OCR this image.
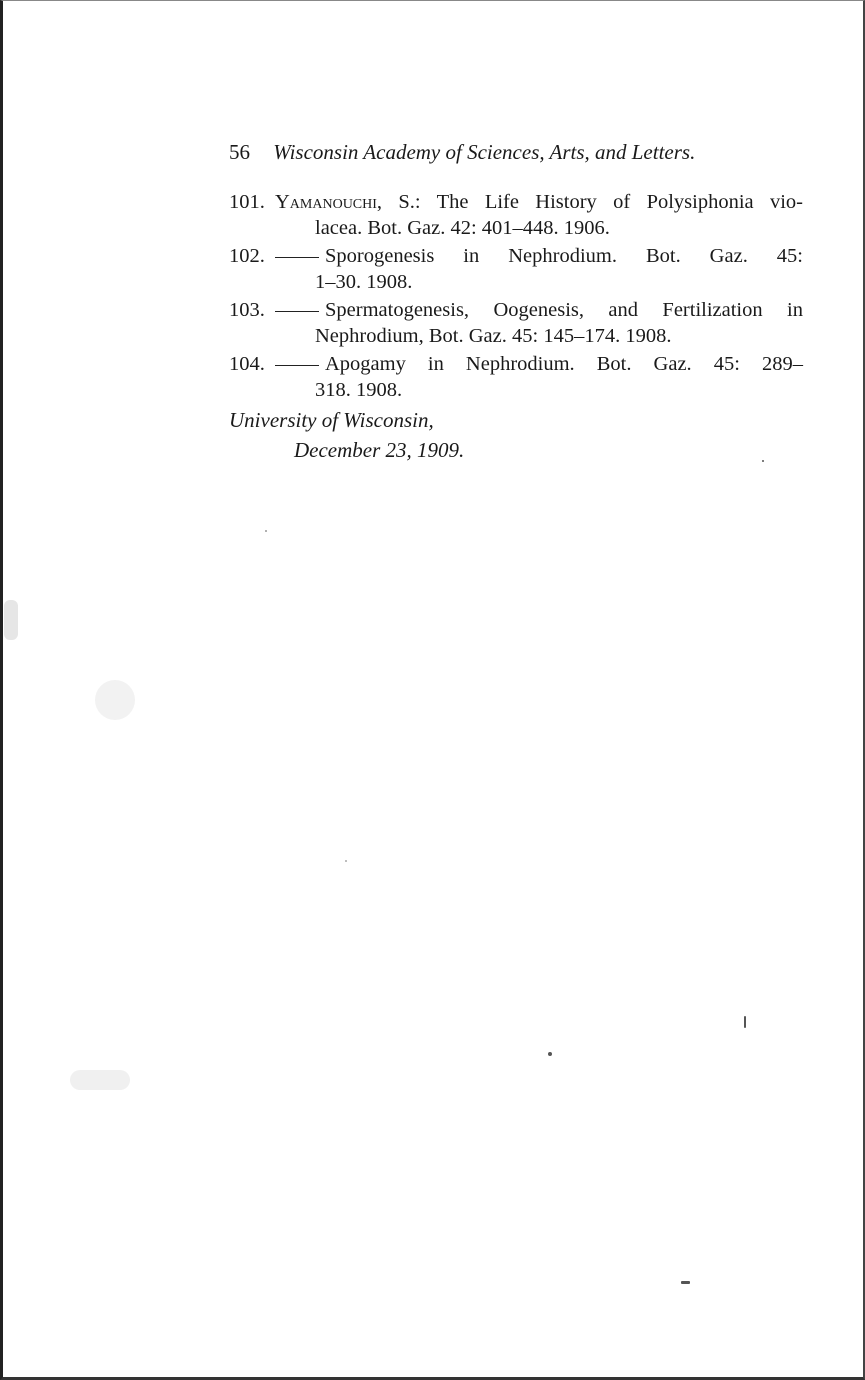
56 Wisconsin Academy of Sciences, Arts, and Letters.
101. Yamanouchi, S.: The Life History of Polysiphonia vio-
lacea. Bot. Gaz. 42: 401–448. 1906.
102.	Sporogenesis in Nephrodium. Bot. Gaz. 45:
1–30. 1908.
103.	Spermatogenesis, Oogenesis, and Fertilization in
Nephrodium, Bot. Gaz. 45: 145–174. 1908.
104.	Apogamy in Nephrodium. Bot. Gaz. 45: 289–
318. 1908.
University of Wisconsin,
December 23, 1909.
